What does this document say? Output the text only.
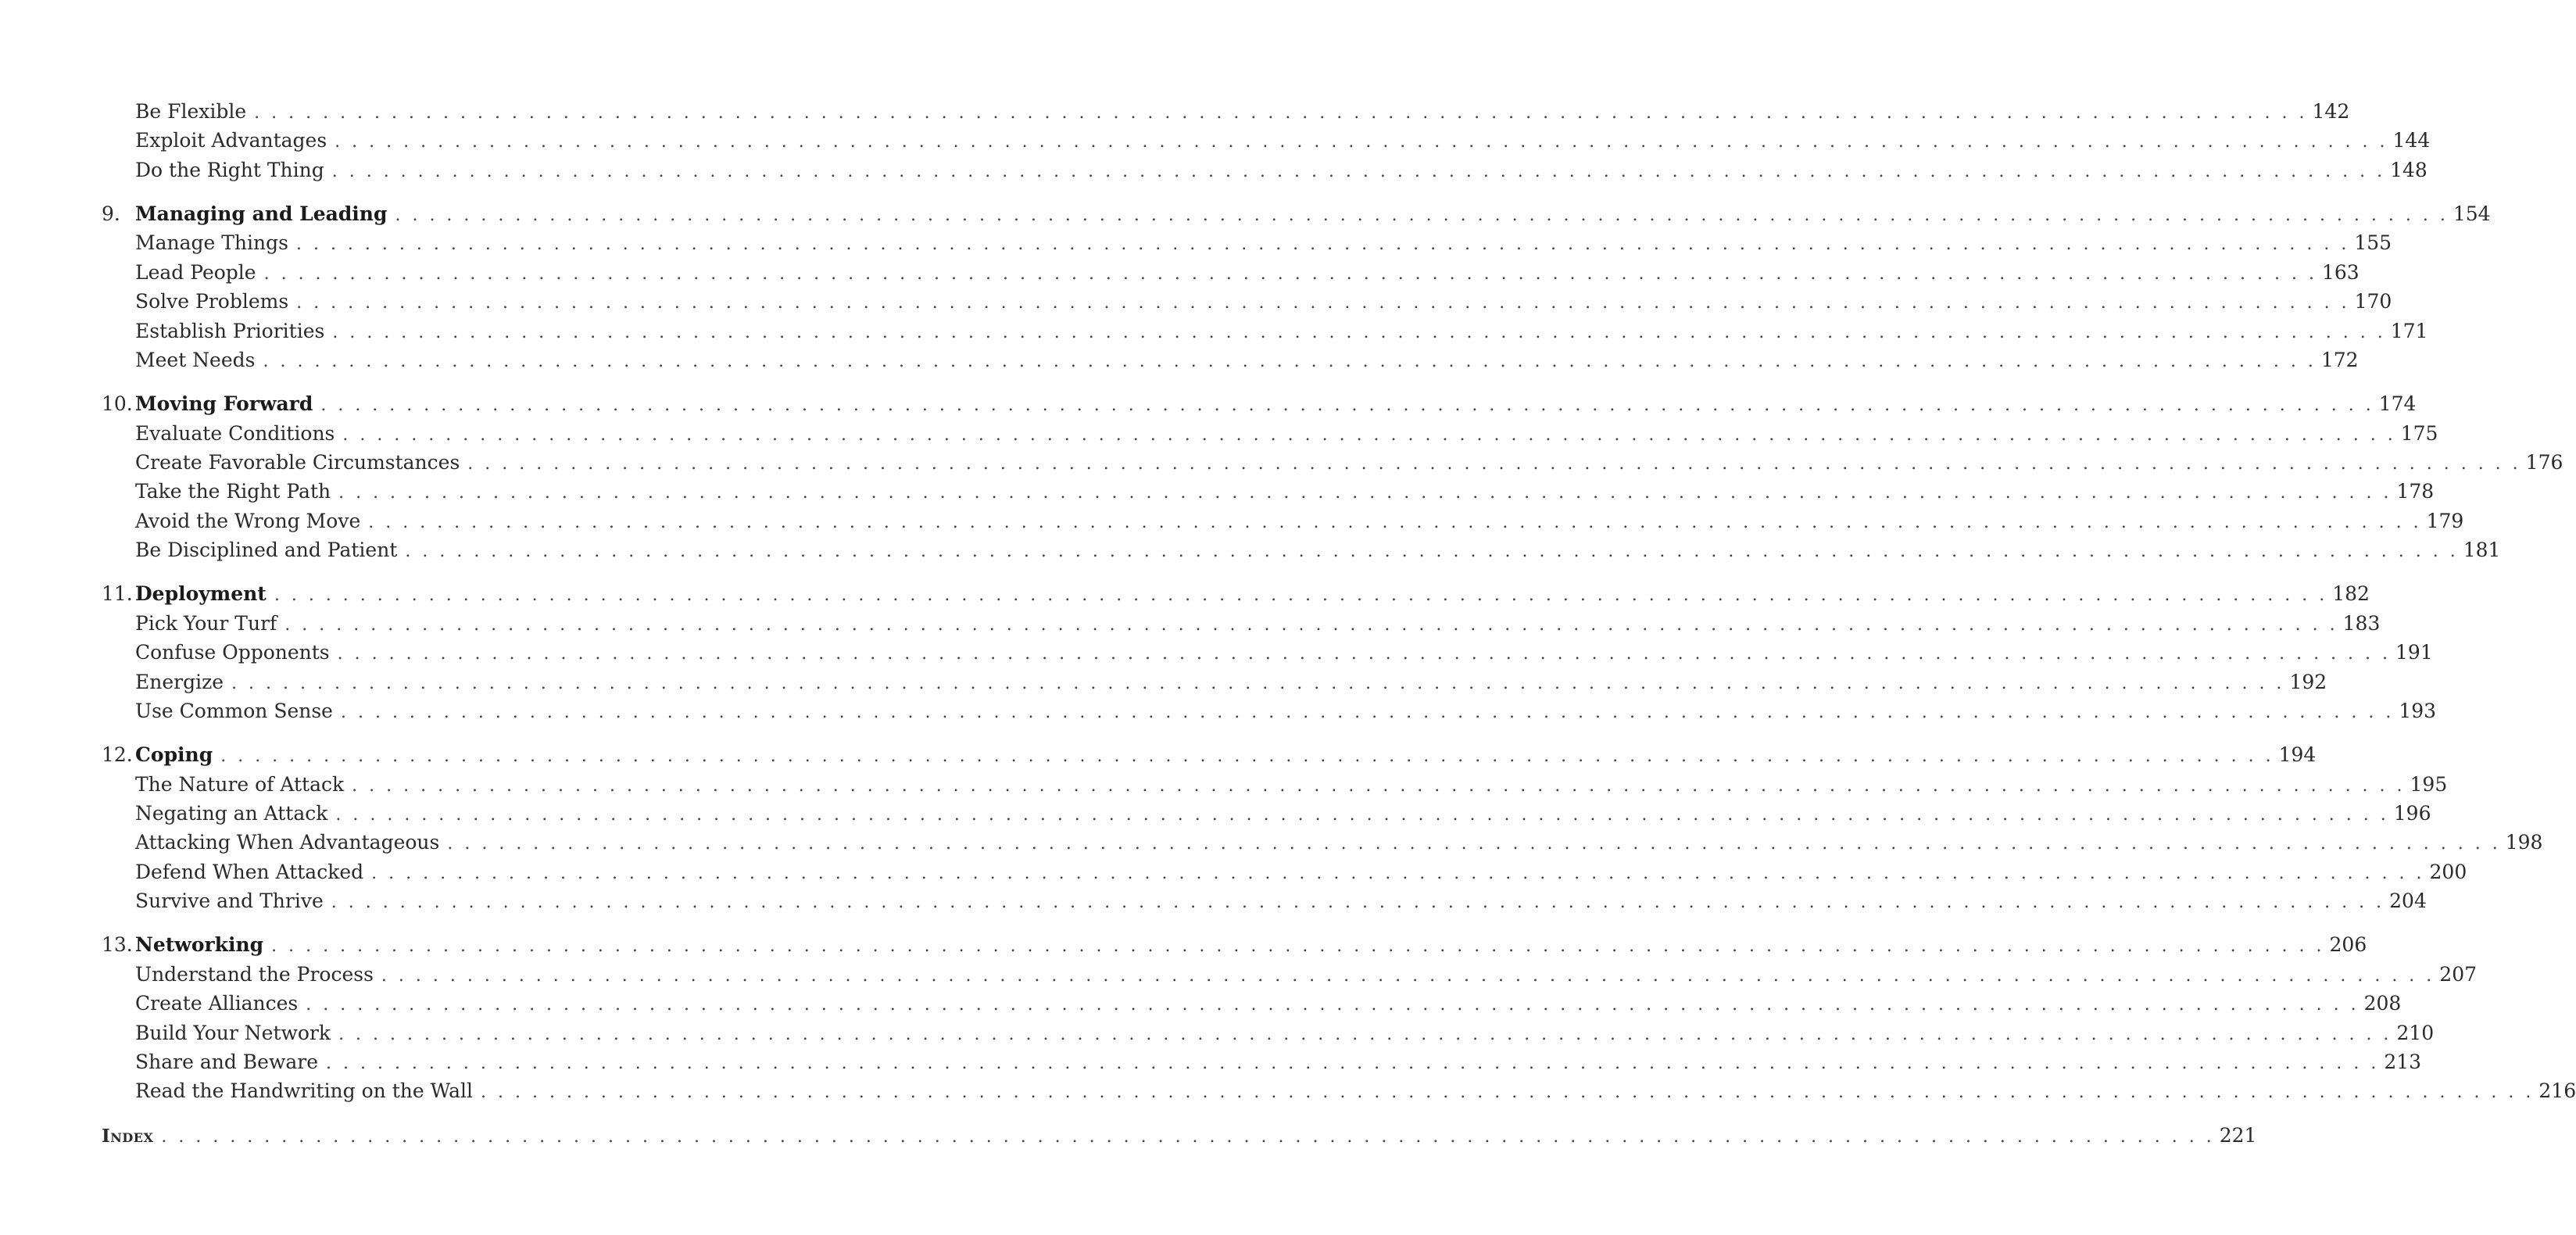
Be Flexible . . . . . . . . . . . . . . . . . . . . . . . . . . . . . . . . . . . . . . . . . . . . . . . . . . . . . . . . . . . . . . . . . . . . . . . . . . . . . . . . . . . . . . . . . . . . . . . . . . . . . . . . . . . . . . . . . . . . . . . . 142
Exploit Advantages . . . . . . . . . . . . . . . . . . . . . . . . . . . . . . . . . . . . . . . . . . . . . . . . . . . . . . . . . . . . . . . . . . . . . . . . . . . . . . . . . . . . . . . . . . . . . . . . . . . . . . . . . . . . . . . . . . . . . . . . 144
Do the Right Thing . . . . . . . . . . . . . . . . . . . . . . . . . . . . . . . . . . . . . . . . . . . . . . . . . . . . . . . . . . . . . . . . . . . . . . . . . . . . . . . . . . . . . . . . . . . . . . . . . . . . . . . . . . . . . . . . . . . . . . . . 148
9. Managing and Leading . . . . . . . . . . . . . . . . . . . . . . . . . . . . . . . . . . . . . . . . . . . . . . . . . . . . . . . . . . . . . . . . . . . . . . . . . . . . . . . . . . . . . . . . . . . . . . . . . . . . . . . . . . . . . . . . . . . . . . . . 154
Manage Things . . . . . . . . . . . . . . . . . . . . . . . . . . . . . . . . . . . . . . . . . . . . . . . . . . . . . . . . . . . . . . . . . . . . . . . . . . . . . . . . . . . . . . . . . . . . . . . . . . . . . . . . . . . . . . . . . . . . . . . . 155
Lead People . . . . . . . . . . . . . . . . . . . . . . . . . . . . . . . . . . . . . . . . . . . . . . . . . . . . . . . . . . . . . . . . . . . . . . . . . . . . . . . . . . . . . . . . . . . . . . . . . . . . . . . . . . . . . . . . . . . . . . . . 163
Solve Problems . . . . . . . . . . . . . . . . . . . . . . . . . . . . . . . . . . . . . . . . . . . . . . . . . . . . . . . . . . . . . . . . . . . . . . . . . . . . . . . . . . . . . . . . . . . . . . . . . . . . . . . . . . . . . . . . . . . . . . . . 170
Establish Priorities . . . . . . . . . . . . . . . . . . . . . . . . . . . . . . . . . . . . . . . . . . . . . . . . . . . . . . . . . . . . . . . . . . . . . . . . . . . . . . . . . . . . . . . . . . . . . . . . . . . . . . . . . . . . . . . . . . . . . . . . 171
Meet Needs . . . . . . . . . . . . . . . . . . . . . . . . . . . . . . . . . . . . . . . . . . . . . . . . . . . . . . . . . . . . . . . . . . . . . . . . . . . . . . . . . . . . . . . . . . . . . . . . . . . . . . . . . . . . . . . . . . . . . . . . 172
10. Moving Forward . . . . . . . . . . . . . . . . . . . . . . . . . . . . . . . . . . . . . . . . . . . . . . . . . . . . . . . . . . . . . . . . . . . . . . . . . . . . . . . . . . . . . . . . . . . . . . . . . . . . . . . . . . . . . . . . . . . . . . . . 174
Evaluate Conditions . . . . . . . . . . . . . . . . . . . . . . . . . . . . . . . . . . . . . . . . . . . . . . . . . . . . . . . . . . . . . . . . . . . . . . . . . . . . . . . . . . . . . . . . . . . . . . . . . . . . . . . . . . . . . . . . . . . . . . . . 175
Create Favorable Circumstances . . . . . . . . . . . . . . . . . . . . . . . . . . . . . . . . . . . . . . . . . . . . . . . . . . . . . . . . . . . . . . . . . . . . . . . . . . . . . . . . . . . . . . . . . . . . . . . . . . . . . . . . . . . . . . . . . . . . . . . . 176
Take the Right Path . . . . . . . . . . . . . . . . . . . . . . . . . . . . . . . . . . . . . . . . . . . . . . . . . . . . . . . . . . . . . . . . . . . . . . . . . . . . . . . . . . . . . . . . . . . . . . . . . . . . . . . . . . . . . . . . . . . . . . . . 178
Avoid the Wrong Move . . . . . . . . . . . . . . . . . . . . . . . . . . . . . . . . . . . . . . . . . . . . . . . . . . . . . . . . . . . . . . . . . . . . . . . . . . . . . . . . . . . . . . . . . . . . . . . . . . . . . . . . . . . . . . . . . . . . . . . . 179
Be Disciplined and Patient . . . . . . . . . . . . . . . . . . . . . . . . . . . . . . . . . . . . . . . . . . . . . . . . . . . . . . . . . . . . . . . . . . . . . . . . . . . . . . . . . . . . . . . . . . . . . . . . . . . . . . . . . . . . . . . . . . . . . . . . 181
11. Deployment . . . . . . . . . . . . . . . . . . . . . . . . . . . . . . . . . . . . . . . . . . . . . . . . . . . . . . . . . . . . . . . . . . . . . . . . . . . . . . . . . . . . . . . . . . . . . . . . . . . . . . . . . . . . . . . . . . . . . . . . 182
Pick Your Turf . . . . . . . . . . . . . . . . . . . . . . . . . . . . . . . . . . . . . . . . . . . . . . . . . . . . . . . . . . . . . . . . . . . . . . . . . . . . . . . . . . . . . . . . . . . . . . . . . . . . . . . . . . . . . . . . . . . . . . . . 183
Confuse Opponents . . . . . . . . . . . . . . . . . . . . . . . . . . . . . . . . . . . . . . . . . . . . . . . . . . . . . . . . . . . . . . . . . . . . . . . . . . . . . . . . . . . . . . . . . . . . . . . . . . . . . . . . . . . . . . . . . . . . . . . . 191
Energize . . . . . . . . . . . . . . . . . . . . . . . . . . . . . . . . . . . . . . . . . . . . . . . . . . . . . . . . . . . . . . . . . . . . . . . . . . . . . . . . . . . . . . . . . . . . . . . . . . . . . . . . . . . . . . . . . . . . . . . . 192
Use Common Sense . . . . . . . . . . . . . . . . . . . . . . . . . . . . . . . . . . . . . . . . . . . . . . . . . . . . . . . . . . . . . . . . . . . . . . . . . . . . . . . . . . . . . . . . . . . . . . . . . . . . . . . . . . . . . . . . . . . . . . . . 193
12. Coping . . . . . . . . . . . . . . . . . . . . . . . . . . . . . . . . . . . . . . . . . . . . . . . . . . . . . . . . . . . . . . . . . . . . . . . . . . . . . . . . . . . . . . . . . . . . . . . . . . . . . . . . . . . . . . . . . . . . . . . . 194
The Nature of Attack . . . . . . . . . . . . . . . . . . . . . . . . . . . . . . . . . . . . . . . . . . . . . . . . . . . . . . . . . . . . . . . . . . . . . . . . . . . . . . . . . . . . . . . . . . . . . . . . . . . . . . . . . . . . . . . . . . . . . . . . 195
Negating an Attack . . . . . . . . . . . . . . . . . . . . . . . . . . . . . . . . . . . . . . . . . . . . . . . . . . . . . . . . . . . . . . . . . . . . . . . . . . . . . . . . . . . . . . . . . . . . . . . . . . . . . . . . . . . . . . . . . . . . . . . . 196
Attacking When Advantageous . . . . . . . . . . . . . . . . . . . . . . . . . . . . . . . . . . . . . . . . . . . . . . . . . . . . . . . . . . . . . . . . . . . . . . . . . . . . . . . . . . . . . . . . . . . . . . . . . . . . . . . . . . . . . . . . . . . . . . . . 198
Defend When Attacked . . . . . . . . . . . . . . . . . . . . . . . . . . . . . . . . . . . . . . . . . . . . . . . . . . . . . . . . . . . . . . . . . . . . . . . . . . . . . . . . . . . . . . . . . . . . . . . . . . . . . . . . . . . . . . . . . . . . . . . . 200
Survive and Thrive . . . . . . . . . . . . . . . . . . . . . . . . . . . . . . . . . . . . . . . . . . . . . . . . . . . . . . . . . . . . . . . . . . . . . . . . . . . . . . . . . . . . . . . . . . . . . . . . . . . . . . . . . . . . . . . . . . . . . . . . 204
13. Networking . . . . . . . . . . . . . . . . . . . . . . . . . . . . . . . . . . . . . . . . . . . . . . . . . . . . . . . . . . . . . . . . . . . . . . . . . . . . . . . . . . . . . . . . . . . . . . . . . . . . . . . . . . . . . . . . . . . . . . . . 206
Understand the Process . . . . . . . . . . . . . . . . . . . . . . . . . . . . . . . . . . . . . . . . . . . . . . . . . . . . . . . . . . . . . . . . . . . . . . . . . . . . . . . . . . . . . . . . . . . . . . . . . . . . . . . . . . . . . . . . . . . . . . . . 207
Create Alliances . . . . . . . . . . . . . . . . . . . . . . . . . . . . . . . . . . . . . . . . . . . . . . . . . . . . . . . . . . . . . . . . . . . . . . . . . . . . . . . . . . . . . . . . . . . . . . . . . . . . . . . . . . . . . . . . . . . . . . . . 208
Build Your Network . . . . . . . . . . . . . . . . . . . . . . . . . . . . . . . . . . . . . . . . . . . . . . . . . . . . . . . . . . . . . . . . . . . . . . . . . . . . . . . . . . . . . . . . . . . . . . . . . . . . . . . . . . . . . . . . . . . . . . . . 210
Share and Beware . . . . . . . . . . . . . . . . . . . . . . . . . . . . . . . . . . . . . . . . . . . . . . . . . . . . . . . . . . . . . . . . . . . . . . . . . . . . . . . . . . . . . . . . . . . . . . . . . . . . . . . . . . . . . . . . . . . . . . . . 213
Read the Handwriting on the Wall . . . . . . . . . . . . . . . . . . . . . . . . . . . . . . . . . . . . . . . . . . . . . . . . . . . . . . . . . . . . . . . . . . . . . . . . . . . . . . . . . . . . . . . . . . . . . . . . . . . . . . . . . . . . . . . . . . . . . . . . 216
Index . . . . . . . . . . . . . . . . . . . . . . . . . . . . . . . . . . . . . . . . . . . . . . . . . . . . . . . . . . . . . . . . . . . . . . . . . . . . . . . . . . . . . . . . . . . . . . . . . . . . . . . . . . . . . . . . . . . . . . . . 221
